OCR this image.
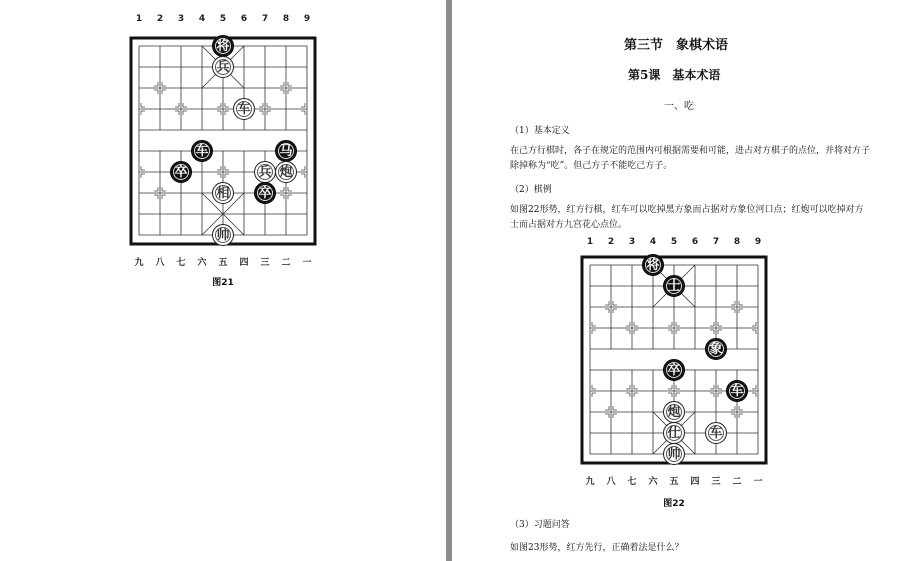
1 2 3 4 5 6 7 8 9
九 八 七 六 五 四 三 二 一
图21
将
兵
车
车	马
卒	兵 炮
相 卒
帅
第三节　象棋术语
第5课　基本术语
一、吃
（1）基本定义
在己方行棋时，各子在规定的范围内可根据需要和可能，进占对方棋子的点位，并将对方子除掉称为“吃”。但己方子不能吃己方子。
（2）棋例
如图22形势，红方行棋，红车可以吃掉黑方象而占据对方象位河口点；红炮可以吃掉对方士而占据对方九宫花心点位。
1 2 3 4 5 6 7 8 9
九 八 七 六 五 四 三 二 一
图22
（3）习题问答
如图23形势，红方先行，正确着法是什么？
将
士
象
卒
车
炮
仕 车
帅
